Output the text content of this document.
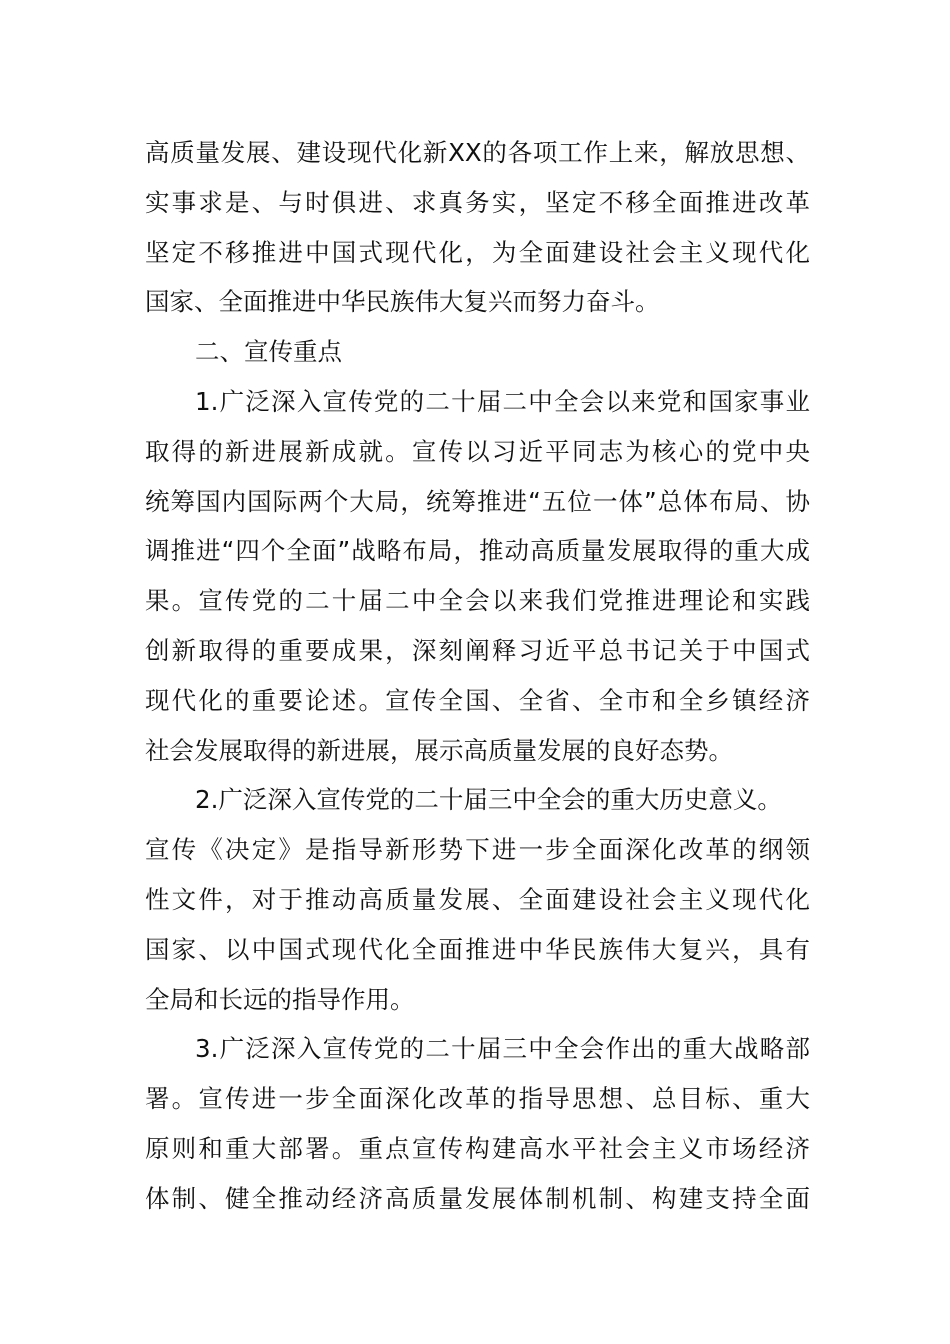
高质量发展、建设现代化新XX的各项工作上来，解放思想、
实事求是、与时俱进、求真务实，坚定不移全面推进改革
坚定不移推进中国式现代化，为全面建设社会主义现代化
国家、全面推进中华民族伟大复兴而努力奋斗。
二、宣传重点
1.广泛深入宣传党的二十届二中全会以来党和国家事业
取得的新进展新成就。宣传以习近平同志为核心的党中央
统筹国内国际两个大局，统筹推进“五位一体”总体布局、协
调推进“四个全面”战略布局，推动高质量发展取得的重大成
果。宣传党的二十届二中全会以来我们党推进理论和实践
创新取得的重要成果，深刻阐释习近平总书记关于中国式
现代化的重要论述。宣传全国、全省、全市和全乡镇经济
社会发展取得的新进展，展示高质量发展的良好态势。
2.广泛深入宣传党的二十届三中全会的重大历史意义。
宣传《决定》是指导新形势下进一步全面深化改革的纲领
性文件，对于推动高质量发展、全面建设社会主义现代化
国家、以中国式现代化全面推进中华民族伟大复兴，具有
全局和长远的指导作用。
3.广泛深入宣传党的二十届三中全会作出的重大战略部
署。宣传进一步全面深化改革的指导思想、总目标、重大
原则和重大部署。重点宣传构建高水平社会主义市场经济
体制、健全推动经济高质量发展体制机制、构建支持全面
